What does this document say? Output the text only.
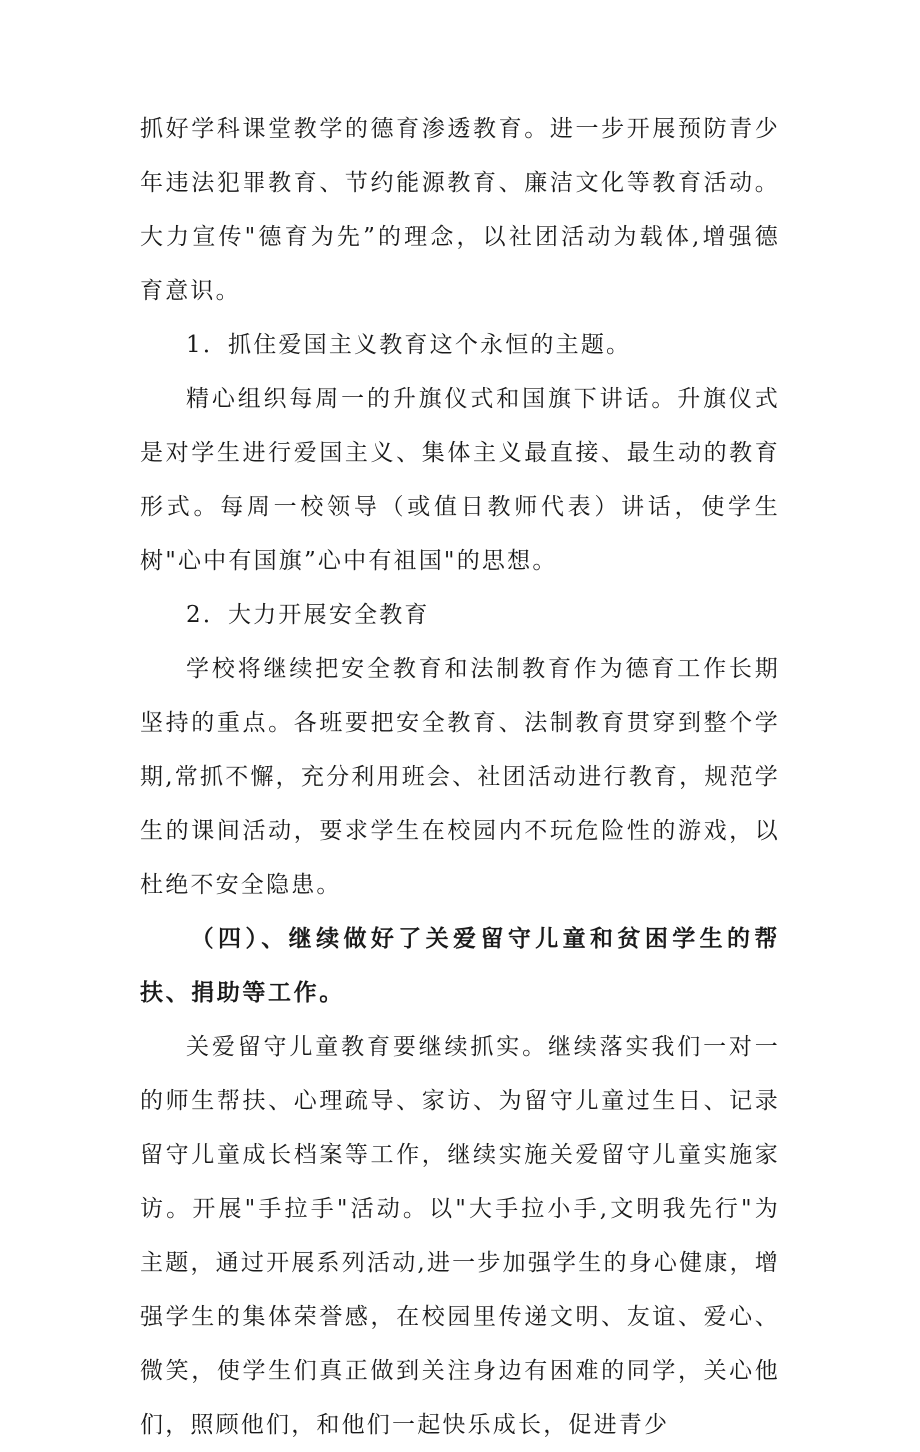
抓好学科课堂教学的德育渗透教育。进一步开展预防青少年违法犯罪教育、节约能源教育、廉洁文化等教育活动。大力宣传"德育为先”的理念，以社团活动为载体,增强德育意识。

1．抓住爱国主义教育这个永恒的主题。

精心组织每周一的升旗仪式和国旗下讲话。升旗仪式是对学生进行爱国主义、集体主义最直接、最生动的教育形式。每周一校领导（或值日教师代表）讲话，使学生树"心中有国旗”心中有祖国"的思想。

2．大力开展安全教育

学校将继续把安全教育和法制教育作为德育工作长期坚持的重点。各班要把安全教育、法制教育贯穿到整个学期,常抓不懈，充分利用班会、社团活动进行教育，规范学生的课间活动，要求学生在校园内不玩危险性的游戏，以杜绝不安全隐患。

（四）、继续做好了关爱留守儿童和贫困学生的帮扶、捐助等工作。

关爱留守儿童教育要继续抓实。继续落实我们一对一的师生帮扶、心理疏导、家访、为留守儿童过生日、记录留守儿童成长档案等工作，继续实施关爱留守儿童实施家访。开展"手拉手"活动。以"大手拉小手,文明我先行"为主题，通过开展系列活动,进一步加强学生的身心健康，增强学生的集体荣誉感，在校园里传递文明、友谊、爱心、微笑，使学生们真正做到关注身边有困难的同学，关心他们，照顾他们，和他们一起快乐成长，促进青少
